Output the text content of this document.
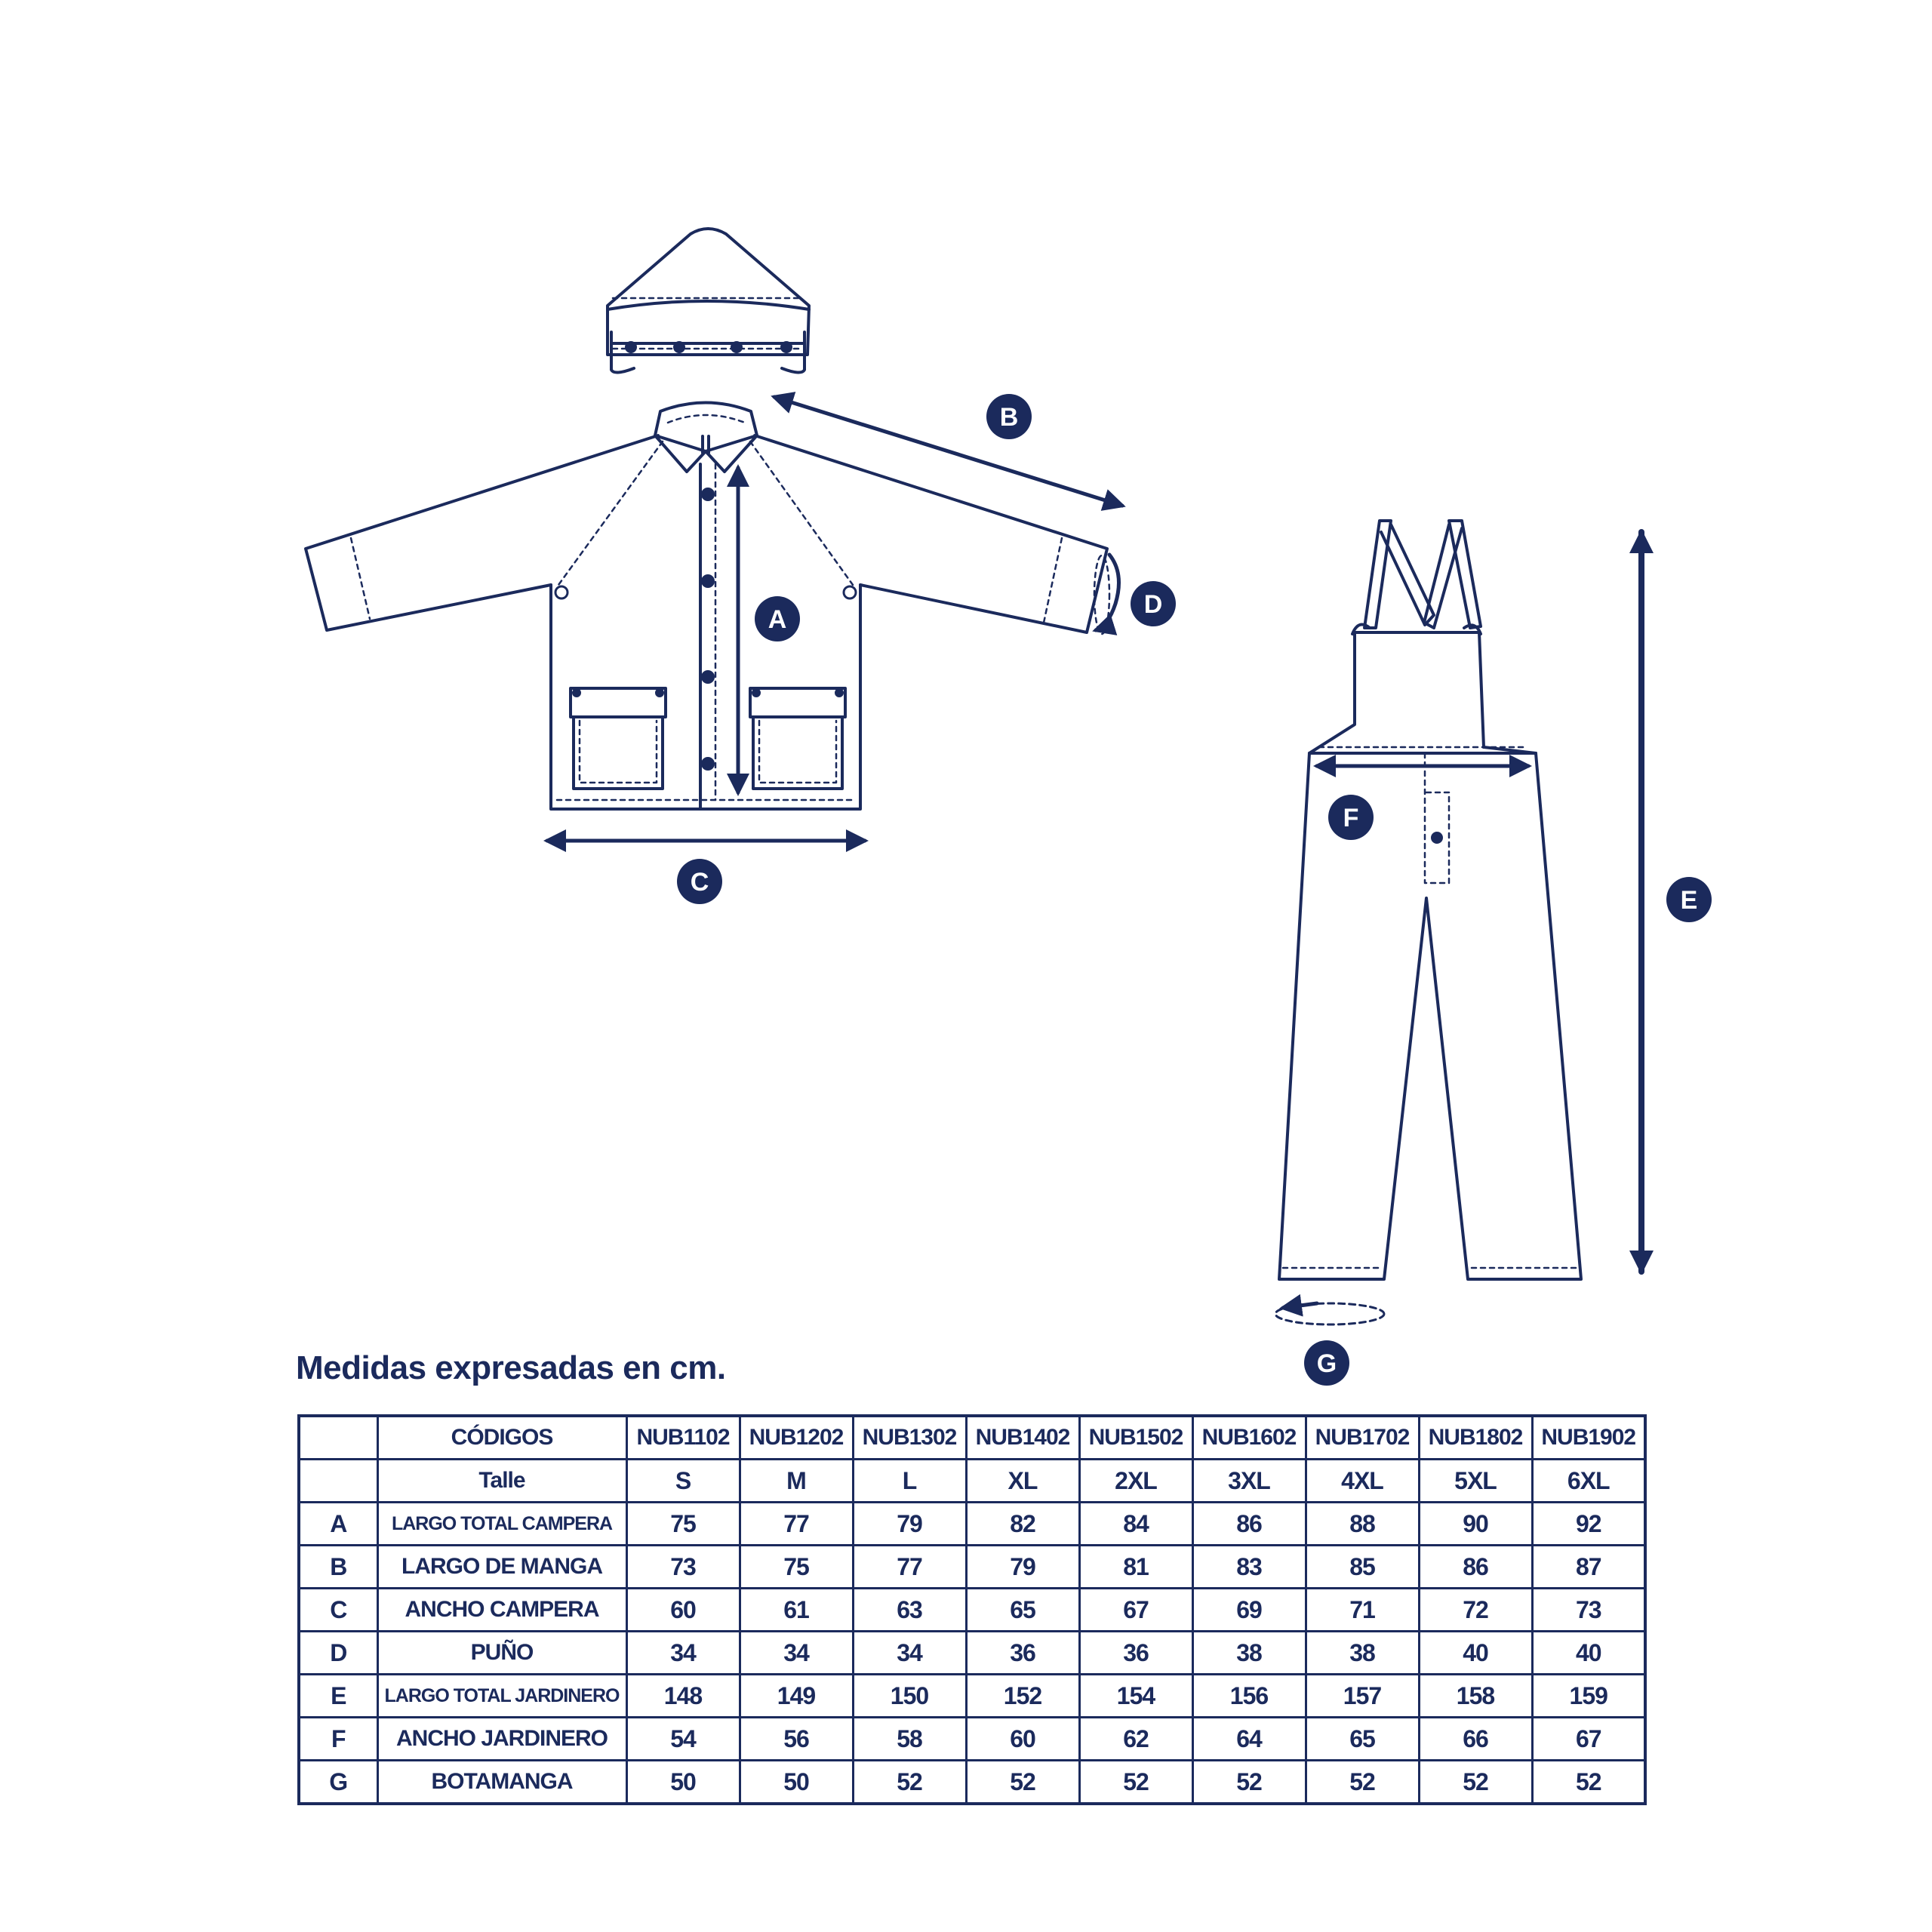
A
B
C
D
E
F
G
Medidas expresadas en cm.
	CÓDIGOS	NUB1102	NUB1202	NUB1302	NUB1402	NUB1502	NUB1602	NUB1702	NUB1802	NUB1902
	Talle	S	M	L	XL	2XL	3XL	4XL	5XL	6XL
A	LARGO TOTAL CAMPERA	75	77	79	82	84	86	88	90	92
B	LARGO DE MANGA	73	75	77	79	81	83	85	86	87
C	ANCHO CAMPERA	60	61	63	65	67	69	71	72	73
D	PUÑO	34	34	34	36	36	38	38	40	40
E	LARGO TOTAL JARDINERO	148	149	150	152	154	156	157	158	159
F	ANCHO JARDINERO	54	56	58	60	62	64	65	66	67
G	BOTAMANGA	50	50	52	52	52	52	52	52	52
